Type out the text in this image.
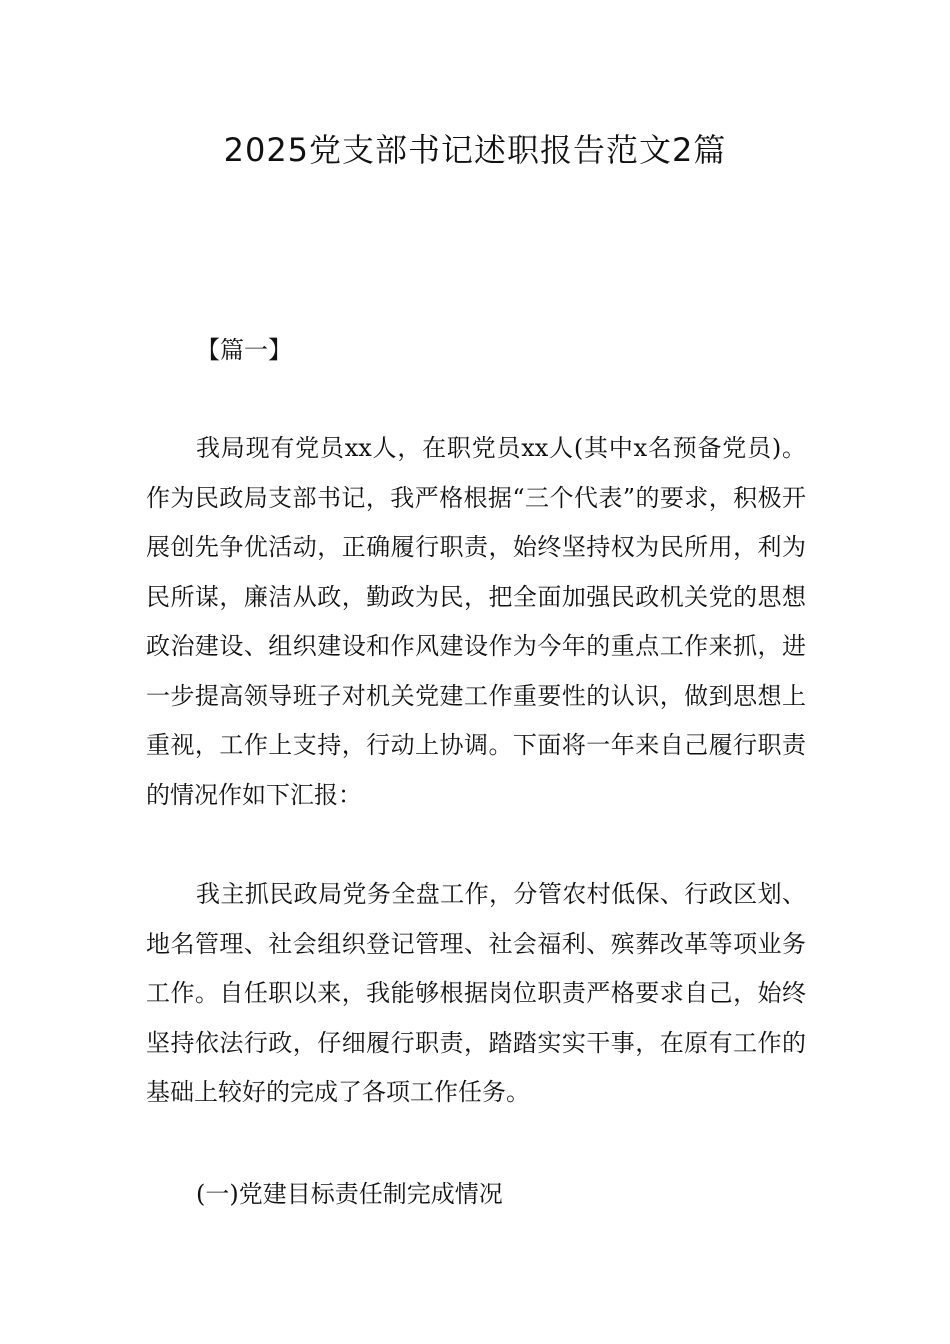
2025党支部书记述职报告范文2篇
【篇一】

我局现有党员xx人，在职党员xx人(其中x名预备党员)。作为民政局支部书记，我严格根据“三个代表”的要求，积极开展创先争优活动，正确履行职责，始终坚持权为民所用，利为民所谋，廉洁从政，勤政为民，把全面加强民政机关党的思想政治建设、组织建设和作风建设作为今年的重点工作来抓，进一步提高领导班子对机关党建工作重要性的认识，做到思想上重视，工作上支持，行动上协调。下面将一年来自己履行职责的情况作如下汇报：

我主抓民政局党务全盘工作，分管农村低保、行政区划、地名管理、社会组织登记管理、社会福利、殡葬改革等项业务工作。自任职以来，我能够根据岗位职责严格要求自己，始终坚持依法行政，仔细履行职责，踏踏实实干事，在原有工作的基础上较好的完成了各项工作任务。

(一)党建目标责任制完成情况
